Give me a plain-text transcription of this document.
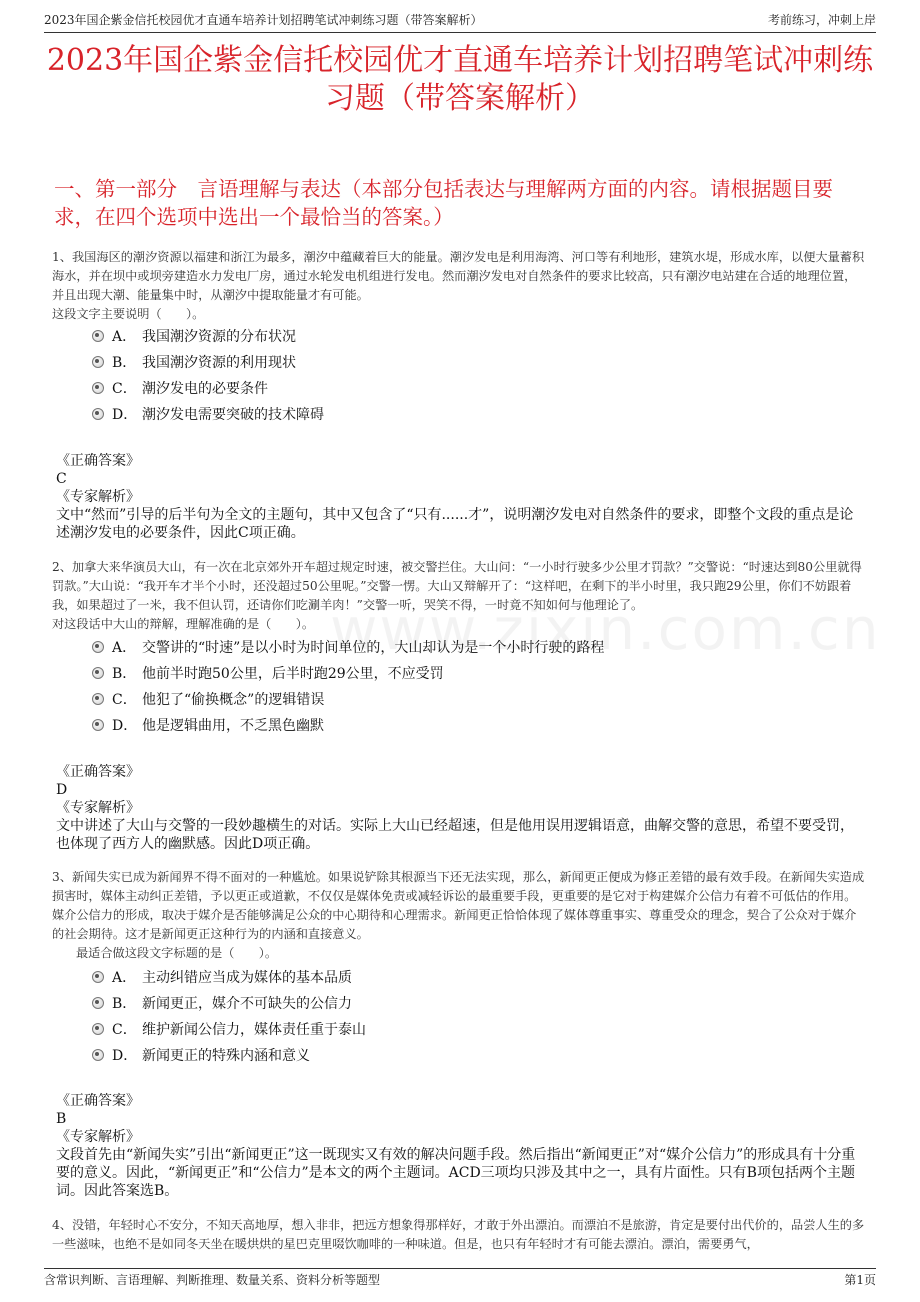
2023年国企紫金信托校园优才直通车培养计划招聘笔试冲刺练习题（带答案解析）	考前练习，冲刺上岸
2023年国企紫金信托校园优才直通车培养计划招聘笔试冲刺练习题（带答案解析）
一、第一部分　言语理解与表达（本部分包括表达与理解两方面的内容。请根据题目要求，在四个选项中选出一个最恰当的答案。）

1、我国海区的潮汐资源以福建和浙江为最多，潮汐中蕴藏着巨大的能量。潮汐发电是利用海湾、河口等有利地形，建筑水堤，形成水库，以便大量蓄积海水，并在坝中或坝旁建造水力发电厂房，通过水轮发电机组进行发电。然而潮汐发电对自然条件的要求比较高，只有潮汐电站建在合适的地理位置，并且出现大潮、能量集中时，从潮汐中提取能量才有可能。

这段文字主要说明（　　）。

A． 我国潮汐资源的分布状况
B． 我国潮汐资源的利用现状
C． 潮汐发电的必要条件
D． 潮汐发电需要突破的技术障碍

《正确答案》

C

《专家解析》

文中“然而”引导的后半句为全文的主题句，其中又包含了“只有......才”，说明潮汐发电对自然条件的要求，即整个文段的重点是论述潮汐发电的必要条件，因此C项正确。

2、加拿大来华演员大山，有一次在北京郊外开车超过规定时速，被交警拦住。大山问：“一小时行驶多少公里才罚款？”交警说：“时速达到80公里就得罚款。”大山说：“我开车才半个小时，还没超过50公里呢。”交警一愣。大山又辩解开了：“这样吧，在剩下的半小时里，我只跑29公里，你们不妨跟着我，如果超过了一米，我不但认罚，还请你们吃涮羊肉！”交警一听，哭笑不得，一时竟不知如何与他理论了。

对这段话中大山的辩解，理解准确的是（　　）。

A． 交警讲的“时速”是以小时为时间单位的，大山却认为是一个小时行驶的路程
B． 他前半时跑50公里，后半时跑29公里，不应受罚
C． 他犯了“偷换概念”的逻辑错误
D． 他是逻辑曲用，不乏黑色幽默

《正确答案》

D

《专家解析》

文中讲述了大山与交警的一段妙趣横生的对话。实际上大山已经超速，但是他用误用逻辑语意，曲解交警的意思，希望不要受罚，也体现了西方人的幽默感。因此D项正确。

3、新闻失实已成为新闻界不得不面对的一种尴尬。如果说铲除其根源当下还无法实现，那么，新闻更正便成为修正差错的最有效手段。在新闻失实造成损害时，媒体主动纠正差错，予以更正或道歉，不仅仅是媒体免责或减轻诉讼的最重要手段，更重要的是它对于构建媒介公信力有着不可低估的作用。媒介公信力的形成，取决于媒介是否能够满足公众的中心期待和心理需求。新闻更正恰恰体现了媒体尊重事实、尊重受众的理念，契合了公众对于媒介的社会期待。这才是新闻更正这种行为的内涵和直接意义。

最适合做这段文字标题的是（　　）。

A． 主动纠错应当成为媒体的基本品质
B． 新闻更正，媒介不可缺失的公信力
C． 维护新闻公信力，媒体责任重于泰山
D． 新闻更正的特殊内涵和意义

《正确答案》

B

《专家解析》

文段首先由“新闻失实”引出“新闻更正”这一既现实又有效的解决问题手段。然后指出“新闻更正”对“媒介公信力”的形成具有十分重要的意义。因此，“新闻更正”和“公信力”是本文的两个主题词。ACD三项均只涉及其中之一，具有片面性。只有B项包括两个主题词。因此答案选B。

4、没错，年轻时心不安分，不知天高地厚，想入非非，把远方想象得那样好，才敢于外出漂泊。而漂泊不是旅游，肯定是要付出代价的，品尝人生的多一些滋味，也绝不是如同冬天坐在暖烘烘的星巴克里啜饮咖啡的一种味道。但是，也只有年轻时才有可能去漂泊。漂泊，需要勇气，

含常识判断、言语理解、判断推理、数量关系、资料分析等题型	第1页
